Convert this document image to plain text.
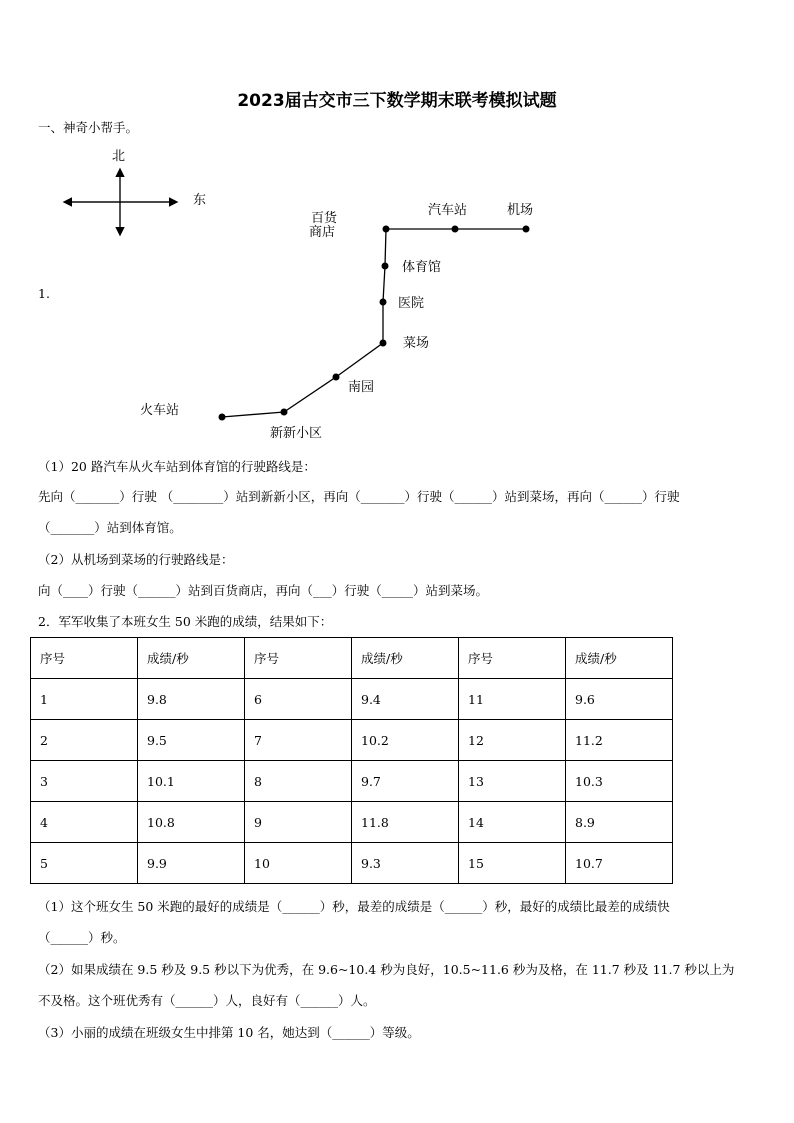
2023届古交市三下数学期末联考模拟试题
一、神奇小帮手。
1.
北
东
火车站
新新小区
南园
菜场
医院
体育馆
百货
商店
汽车站	机场
（1）20 路汽车从火车站到体育馆的行驶路线是：
先向（_______）行驶 （________）站到新新小区，再向（_______）行驶（______）站到菜场，再向（______）行驶
（_______）站到体育馆。
（2）从机场到菜场的行驶路线是：
向（____）行驶（______）站到百货商店，再向（___）行驶（_____）站到菜场。
2．军军收集了本班女生 50 米跑的成绩，结果如下：
序号	成绩/秒	序号	成绩/秒	序号	成绩/秒
1	9.8	6	9.4	11	9.6
2	9.5	7	10.2	12	11.2
3	10.1	8	9.7	13	10.3
4	10.8	9	11.8	14	8.9
5	9.9	10	9.3	15	10.7
（1）这个班女生 50 米跑的最好的成绩是（______）秒，最差的成绩是（______）秒，最好的成绩比最差的成绩快
（______）秒。
（2）如果成绩在 9.5 秒及 9.5 秒以下为优秀，在 9.6~10.4 秒为良好，10.5~11.6 秒为及格，在 11.7 秒及 11.7 秒以上为
不及格。这个班优秀有（______）人，良好有（______）人。
（3）小丽的成绩在班级女生中排第 10 名，她达到（______）等级。
